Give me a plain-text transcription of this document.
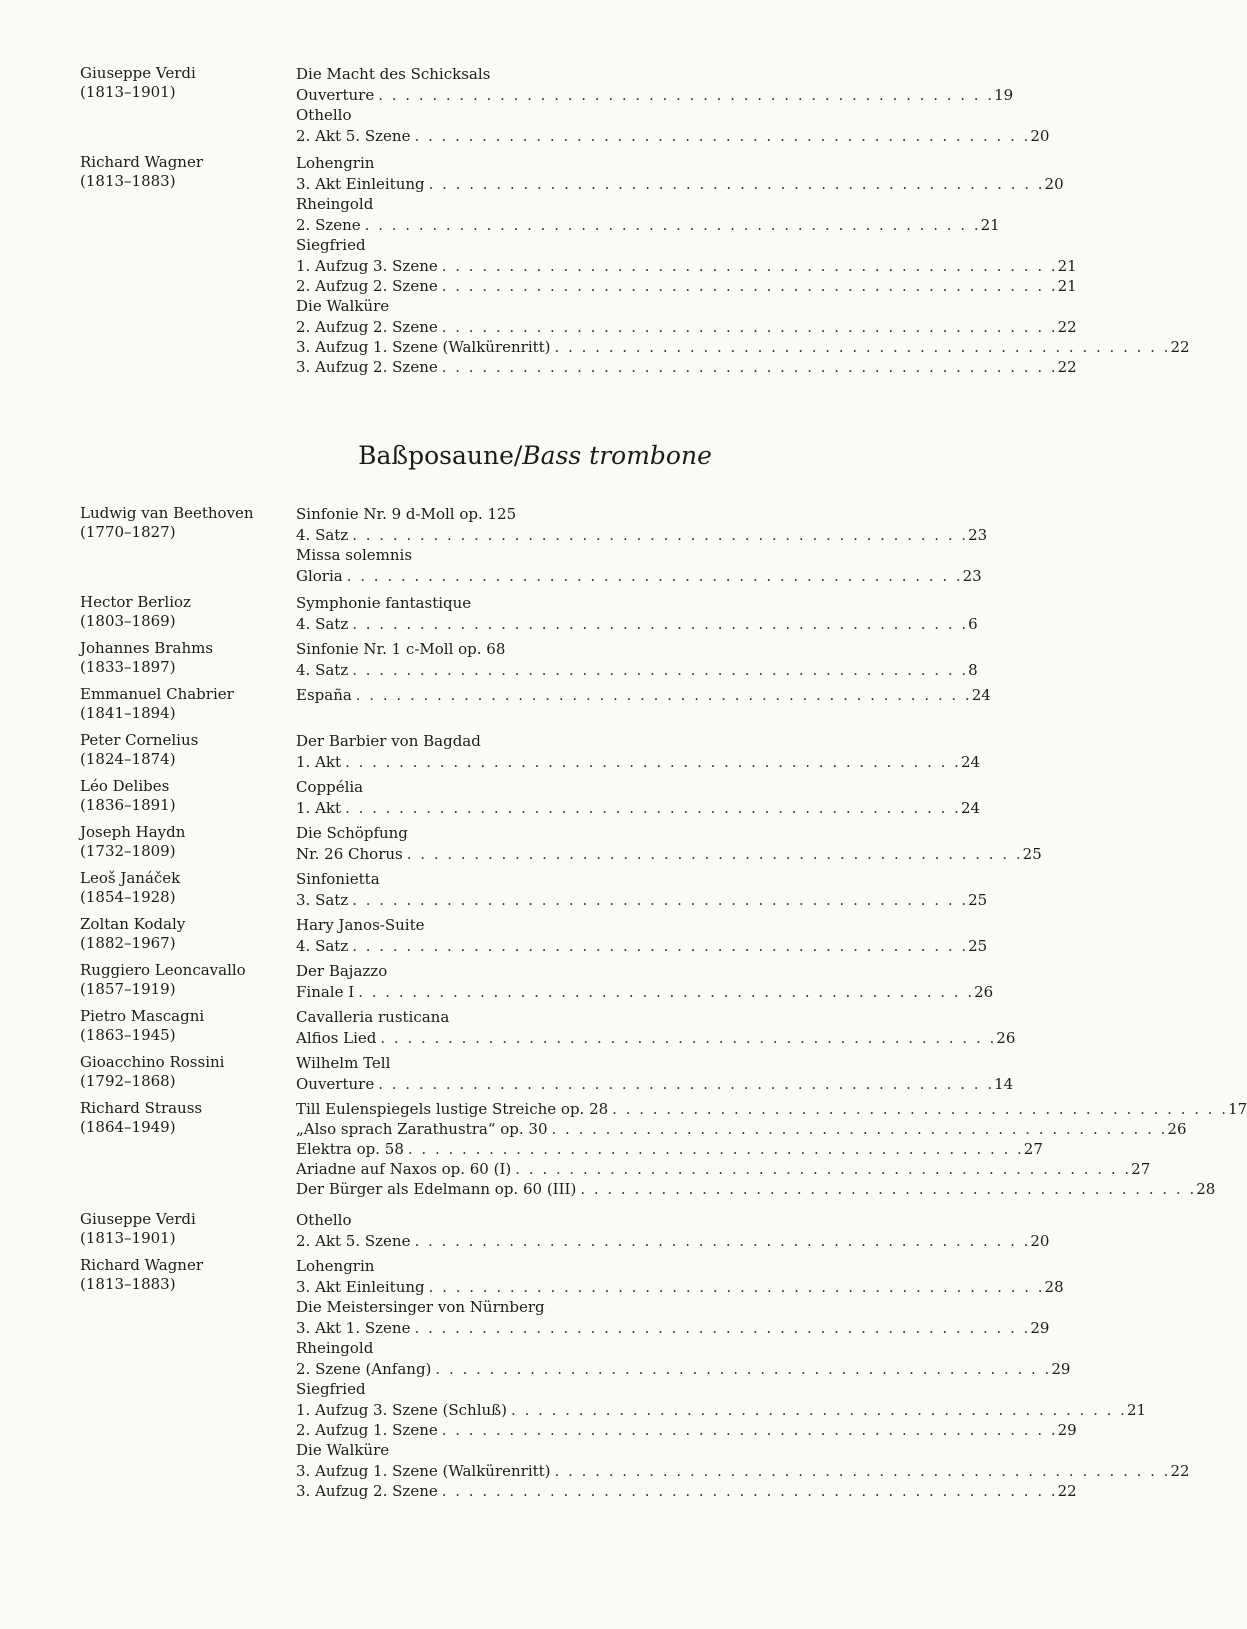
Giuseppe Verdi
(1813–1901)
Die Macht des Schicksals
Ouverture . . . . . . . . . . . . . . . . . . . . . . . . . . . . . . . . . . . . . . . . . . . . . . 19
Othello
2. Akt 5. Szene . . . . . . . . . . . . . . . . . . . . . . . . . . . . . . . . . . . . . . . . . . . . . . 20
Richard Wagner
(1813–1883)
Lohengrin
3. Akt Einleitung . . . . . . . . . . . . . . . . . . . . . . . . . . . . . . . . . . . . . . . . . . . . . . 20
Rheingold
2. Szene . . . . . . . . . . . . . . . . . . . . . . . . . . . . . . . . . . . . . . . . . . . . . . 21
Siegfried
1. Aufzug 3. Szene . . . . . . . . . . . . . . . . . . . . . . . . . . . . . . . . . . . . . . . . . . . . . . 21
2. Aufzug 2. Szene . . . . . . . . . . . . . . . . . . . . . . . . . . . . . . . . . . . . . . . . . . . . . . 21
Die Walküre
2. Aufzug 2. Szene . . . . . . . . . . . . . . . . . . . . . . . . . . . . . . . . . . . . . . . . . . . . . . 22
3. Aufzug 1. Szene (Walkürenritt) . . . . . . . . . . . . . . . . . . . . . . . . . . . . . . . . . . . . . . . . . . . . . . 22
3. Aufzug 2. Szene . . . . . . . . . . . . . . . . . . . . . . . . . . . . . . . . . . . . . . . . . . . . . . 22
Baßposaune/Bass trombone
Ludwig van Beethoven
(1770–1827)
Sinfonie Nr. 9 d-Moll op. 125
4. Satz . . . . . . . . . . . . . . . . . . . . . . . . . . . . . . . . . . . . . . . . . . . . . . 23
Missa solemnis
Gloria . . . . . . . . . . . . . . . . . . . . . . . . . . . . . . . . . . . . . . . . . . . . . . 23
Hector Berlioz
(1803–1869)
Symphonie fantastique
4. Satz . . . . . . . . . . . . . . . . . . . . . . . . . . . . . . . . . . . . . . . . . . . . . . 6
Johannes Brahms
(1833–1897)
Sinfonie Nr. 1 c-Moll op. 68
4. Satz . . . . . . . . . . . . . . . . . . . . . . . . . . . . . . . . . . . . . . . . . . . . . . 8
Emmanuel Chabrier
(1841–1894)
España . . . . . . . . . . . . . . . . . . . . . . . . . . . . . . . . . . . . . . . . . . . . . . 24
Peter Cornelius
(1824–1874)
Der Barbier von Bagdad
1. Akt . . . . . . . . . . . . . . . . . . . . . . . . . . . . . . . . . . . . . . . . . . . . . . 24
Léo Delibes
(1836–1891)
Coppélia
1. Akt . . . . . . . . . . . . . . . . . . . . . . . . . . . . . . . . . . . . . . . . . . . . . . 24
Joseph Haydn
(1732–1809)
Die Schöpfung
Nr. 26 Chorus . . . . . . . . . . . . . . . . . . . . . . . . . . . . . . . . . . . . . . . . . . . . . . 25
Leoš Janáček
(1854–1928)
Sinfonietta
3. Satz . . . . . . . . . . . . . . . . . . . . . . . . . . . . . . . . . . . . . . . . . . . . . . 25
Zoltan Kodaly
(1882–1967)
Hary Janos-Suite
4. Satz . . . . . . . . . . . . . . . . . . . . . . . . . . . . . . . . . . . . . . . . . . . . . . 25
Ruggiero Leoncavallo
(1857–1919)
Der Bajazzo
Finale I . . . . . . . . . . . . . . . . . . . . . . . . . . . . . . . . . . . . . . . . . . . . . . 26
Pietro Mascagni
(1863–1945)
Cavalleria rusticana
Alfios Lied . . . . . . . . . . . . . . . . . . . . . . . . . . . . . . . . . . . . . . . . . . . . . . 26
Gioacchino Rossini
(1792–1868)
Wilhelm Tell
Ouverture . . . . . . . . . . . . . . . . . . . . . . . . . . . . . . . . . . . . . . . . . . . . . . 14
Richard Strauss
(1864–1949)
Till Eulenspiegels lustige Streiche op. 28 . . . . . . . . . . . . . . . . . . . . . . . . . . . . . . . . . . . . . . . . . . . . . . 17
„Also sprach Zarathustra“ op. 30 . . . . . . . . . . . . . . . . . . . . . . . . . . . . . . . . . . . . . . . . . . . . . . 26
Elektra op. 58 . . . . . . . . . . . . . . . . . . . . . . . . . . . . . . . . . . . . . . . . . . . . . . 27
Ariadne auf Naxos op. 60 (I) . . . . . . . . . . . . . . . . . . . . . . . . . . . . . . . . . . . . . . . . . . . . . . 27
Der Bürger als Edelmann op. 60 (III) . . . . . . . . . . . . . . . . . . . . . . . . . . . . . . . . . . . . . . . . . . . . . . 28
Giuseppe Verdi
(1813–1901)
Othello
2. Akt 5. Szene . . . . . . . . . . . . . . . . . . . . . . . . . . . . . . . . . . . . . . . . . . . . . . 20
Richard Wagner
(1813–1883)
Lohengrin
3. Akt Einleitung . . . . . . . . . . . . . . . . . . . . . . . . . . . . . . . . . . . . . . . . . . . . . . 28
Die Meistersinger von Nürnberg
3. Akt 1. Szene . . . . . . . . . . . . . . . . . . . . . . . . . . . . . . . . . . . . . . . . . . . . . . 29
Rheingold
2. Szene (Anfang) . . . . . . . . . . . . . . . . . . . . . . . . . . . . . . . . . . . . . . . . . . . . . . 29
Siegfried
1. Aufzug 3. Szene (Schluß) . . . . . . . . . . . . . . . . . . . . . . . . . . . . . . . . . . . . . . . . . . . . . . 21
2. Aufzug 1. Szene . . . . . . . . . . . . . . . . . . . . . . . . . . . . . . . . . . . . . . . . . . . . . . 29
Die Walküre
3. Aufzug 1. Szene (Walkürenritt) . . . . . . . . . . . . . . . . . . . . . . . . . . . . . . . . . . . . . . . . . . . . . . 22
3. Aufzug 2. Szene . . . . . . . . . . . . . . . . . . . . . . . . . . . . . . . . . . . . . . . . . . . . . . 22
